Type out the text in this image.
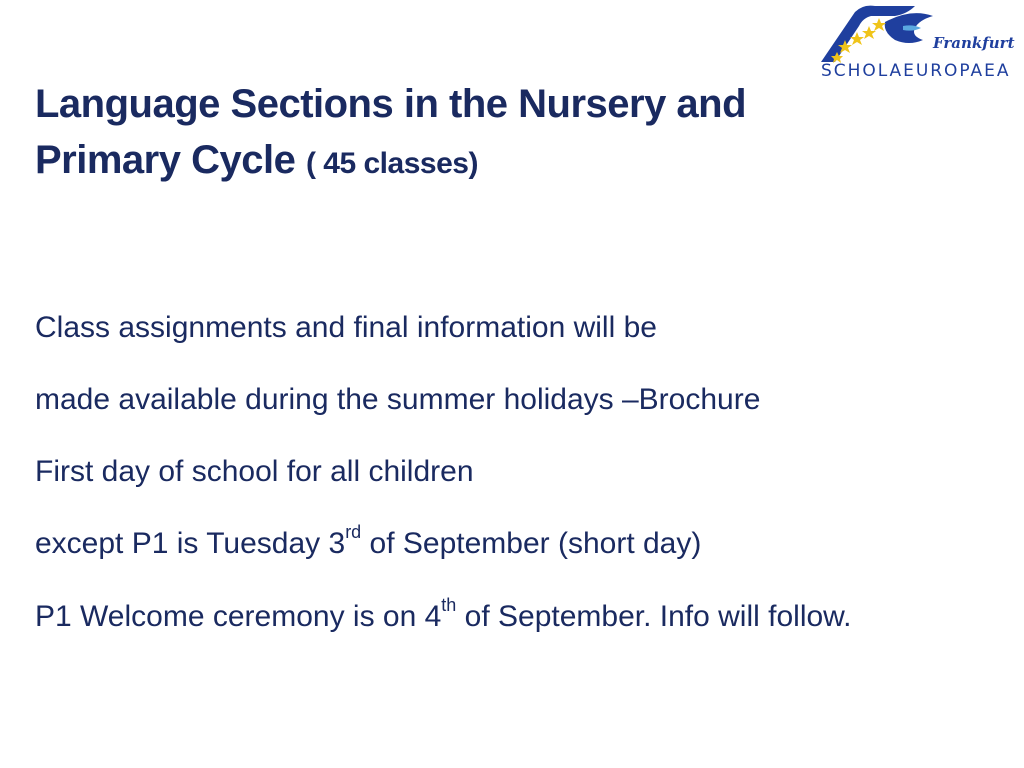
Frankfurt
SCHOLAEUROPAEA
Language Sections in the Nursery and Primary Cycle ( 45 classes)

Class assignments and final information will be

made available during the summer holidays –Brochure

First day of school for all children

except P1 is Tuesday 3rd of September (short day)

P1 Welcome ceremony is on 4th of September. Info will follow.
